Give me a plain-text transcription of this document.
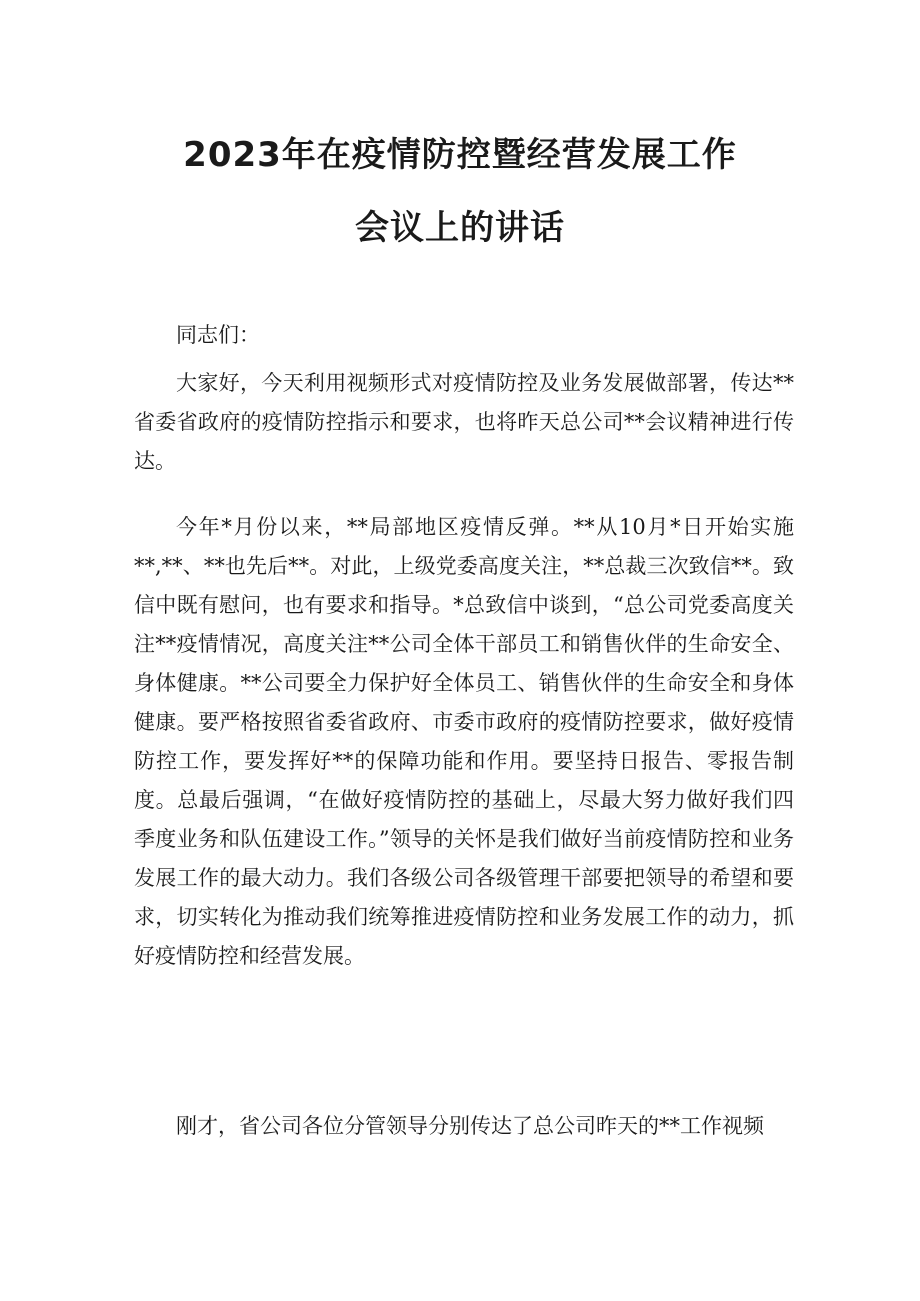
2023年在疫情防控暨经营发展工作
会议上的讲话

同志们：

大家好，今天利用视频形式对疫情防控及业务发展做部署，传达**省委省政府的疫情防控指示和要求，也将昨天总公司**会议精神进行传达。

今年*月份以来，**局部地区疫情反弹。**从10月*日开始实施**,**、**也先后**。对此，上级党委高度关注，**总裁三次致信**。致信中既有慰问，也有要求和指导。*总致信中谈到，“总公司党委高度关注**疫情情况，高度关注**公司全体干部员工和销售伙伴的生命安全、身体健康。**公司要全力保护好全体员工、销售伙伴的生命安全和身体健康。要严格按照省委省政府、市委市政府的疫情防控要求，做好疫情防控工作，要发挥好**的保障功能和作用。要坚持日报告、零报告制度。总最后强调，“在做好疫情防控的基础上，尽最大努力做好我们四季度业务和队伍建设工作。”领导的关怀是我们做好当前疫情防控和业务发展工作的最大动力。我们各级公司各级管理干部要把领导的希望和要求，切实转化为推动我们统筹推进疫情防控和业务发展工作的动力，抓好疫情防控和经营发展。

刚才，省公司各位分管领导分别传达了总公司昨天的**工作视频
